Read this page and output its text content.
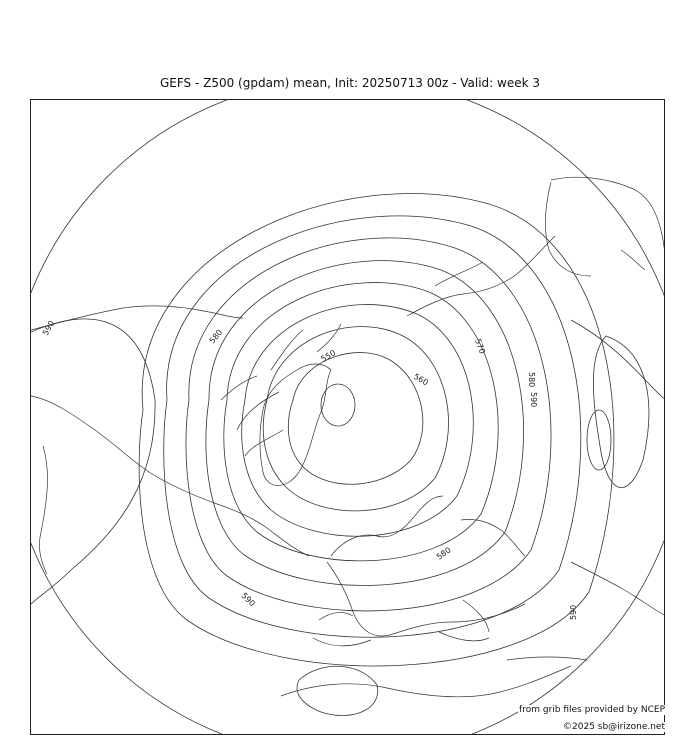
GEFS - Z500 (gpdam) mean, Init: 20250713 00z - Valid: week 3
550
560
570
580
580
580
590
590
590
590
from grib files provided by NCEP
©2025 sb@irizone.net
